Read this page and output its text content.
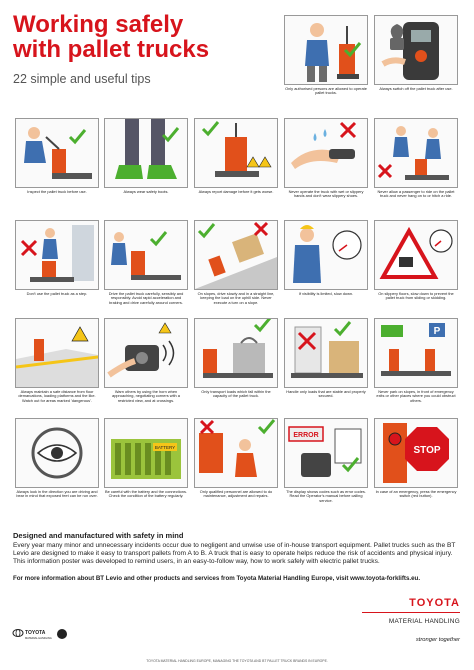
Working safely
with pallet trucks
22 simple and useful tips
Only authorised persons are allowed to operate pallet trucks.
Always switch off the pallet truck after use.
Inspect the pallet truck before use.	Always wear safety boots.	Always report damage before it gets worse.	Never operate the truck with wet or slippery hands and don't wear slippery shoes.
Never allow a passenger to ride on the pallet truck and never hang on to or hitch a ride.
Don't use the pallet truck as a step.	Drive the pallet truck carefully, sensibly and responsibly. Avoid rapid acceleration and braking and drive carefully around corners.
On slopes, drive slowly and in a straight line, keeping the load on the uphill side. Never execute a turn on a slope.
If visibility is limited, slow down.	On slippery floors, slow down to prevent the pallet truck from sliding or skidding.
Always maintain a safe distance from floor demarcations, loading platforms and the like. Watch out for areas marked 'dangerous'.
Warn others by using the horn when approaching, negotiating corners with a restricted view, and at crossings.
Only transport loads which fall within the capacity of the pallet truck.
Handle only loads that are stable and properly secured.
P
Never park on slopes, in front of emergency exits or other places where you could obstruct others.
Always look in the direction you are driving and bear in mind that exposed feet can be run over.
BATTERY
Be careful with the battery and the connections. Check the condition of the battery regularly.
Only qualified personnel are allowed to do maintenance, adjustment and repairs.
ERROR
The display shows codes such as error codes. Read the Operator's manual before calling service.
STOP
In case of an emergency, press the emergency switch (red button).
Designed and manufactured with safety in mind
Every year many minor and unnecessary incidents occur due to negligent and unwise use of in-house transport equipment. Pallet trucks such as the BT Levio are designed to make it easy to transport pallets from A to B. A truck that is easy to operate helps reduce the risk of accidents and physical injury. This information poster was developed to remind users, in an easy-to-follow way, how to work safely with electric pallet trucks.
For more information about BT Levio and other products and services from Toyota Material Handling Europe, visit www.toyota-forklifts.eu.
TOYOTA
MATERIAL HANDLING
stronger together
TOYOTA
MATERIAL HANDLING
TOYOTA MATERIAL HANDLING EUROPE, MANAGING THE TOYOTA AND BT PALLET TRUCK BRANDS IN EUROPE.
